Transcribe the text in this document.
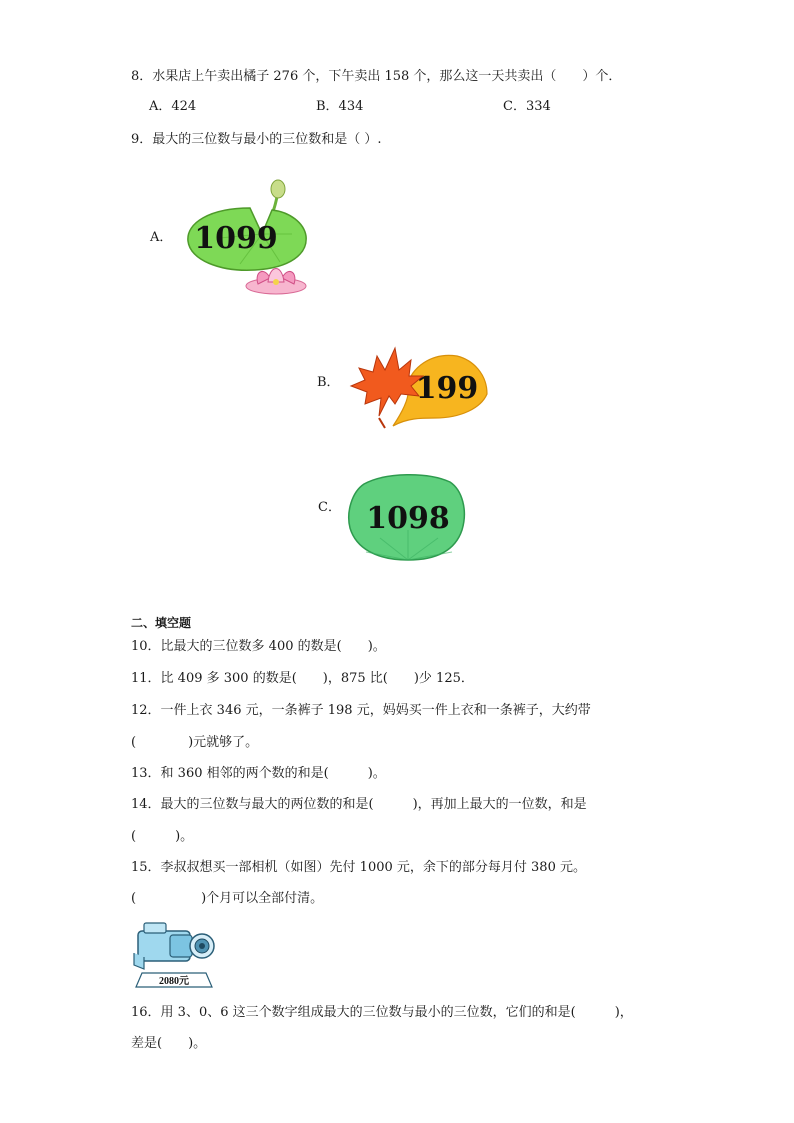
8．水果店上午卖出橘子 276 个，下午卖出 158 个，那么这一天共卖出（　　）个．
A．424	B．434	C．334
9．最大的三位数与最小的三位数和是（ ）.
A． 1099
B．	199
C． 1098
二、填空题
10．比最大的三位数多 400 的数是(　　)。
11．比 409 多 300 的数是(　　)，875 比(　　)少 125．
12．一件上衣 346 元，一条裤子 198 元，妈妈买一件上衣和一条裤子，大约带
(　　　　)元就够了。
13．和 360 相邻的两个数的和是(　　　)。
14．最大的三位数与最大的两位数的和是(　　　)，再加上最大的一位数，和是
(　　　)。
15．李叔叔想买一部相机（如图）先付 1000 元，余下的部分每月付 380 元。
(　　　　　)个月可以全部付清。
2080元
16．用 3、0、6 这三个数字组成最大的三位数与最小的三位数，它们的和是(　　　)，
差是(　　)。
